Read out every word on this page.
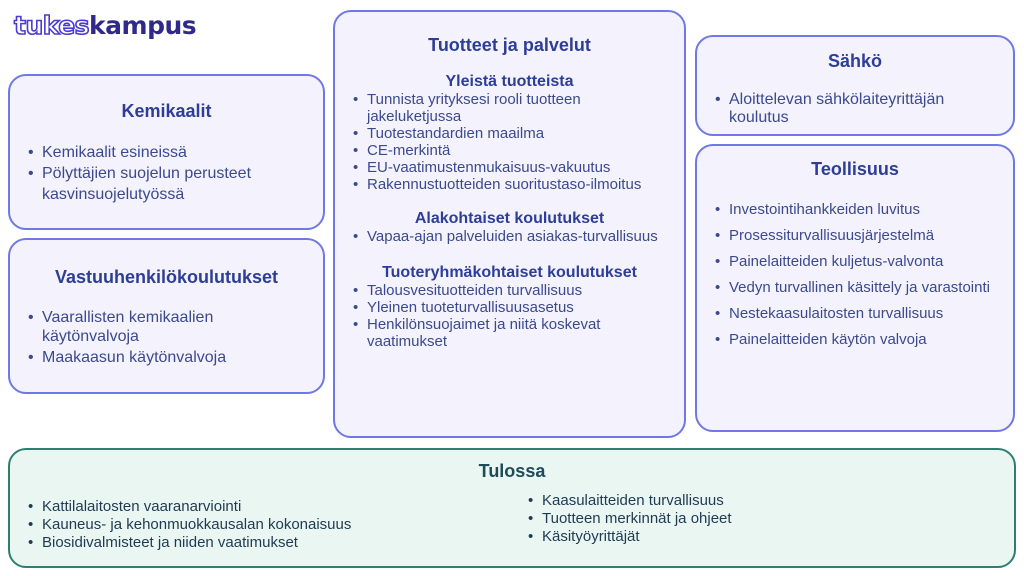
tukeskampus

Kemikaalit

• Kemikaalit esineissä
• Pölyttäjien suojelun perusteet kasvinsuojelutyössä

Vastuuhenkilökoulutukset

• Vaarallisten kemikaalien käytönvalvoja
• Maakaasun käytönvalvoja

Tuotteet ja palvelut

Yleistä tuotteista

• Tunnista yrityksesi rooli tuotteen jakeluketjussa
• Tuotestandardien maailma
• CE-merkintä
• EU-vaatimustenmukaisuus-vakuutus
• Rakennustuotteiden suoritustaso-ilmoitus

Alakohtaiset koulutukset

• Vapaa-ajan palveluiden asiakas-turvallisuus

Tuoteryhmäkohtaiset koulutukset

• Talousvesituotteiden turvallisuus
• Yleinen tuoteturvallisuusasetus
• Henkilönsuojaimet ja niitä koskevat vaatimukset

Sähkö

• Aloittelevan sähkölaiteyrittäjän koulutus

Teollisuus

• Investointihankkeiden luvitus
• Prosessiturvallisuusjärjestelmä
• Painelaitteiden kuljetus-valvonta
• Vedyn turvallinen käsittely ja varastointi
• Nestekaasulaitosten turvallisuus
• Painelaitteiden käytön valvoja

Tulossa

• Kattilalaitosten vaaranarviointi
• Kauneus- ja kehonmuokkausalan kokonaisuus
• Biosidivalmisteet ja niiden vaatimukset
• Kaasulaitteiden turvallisuus
• Tuotteen merkinnät ja ohjeet
• Käsityöyrittäjät
